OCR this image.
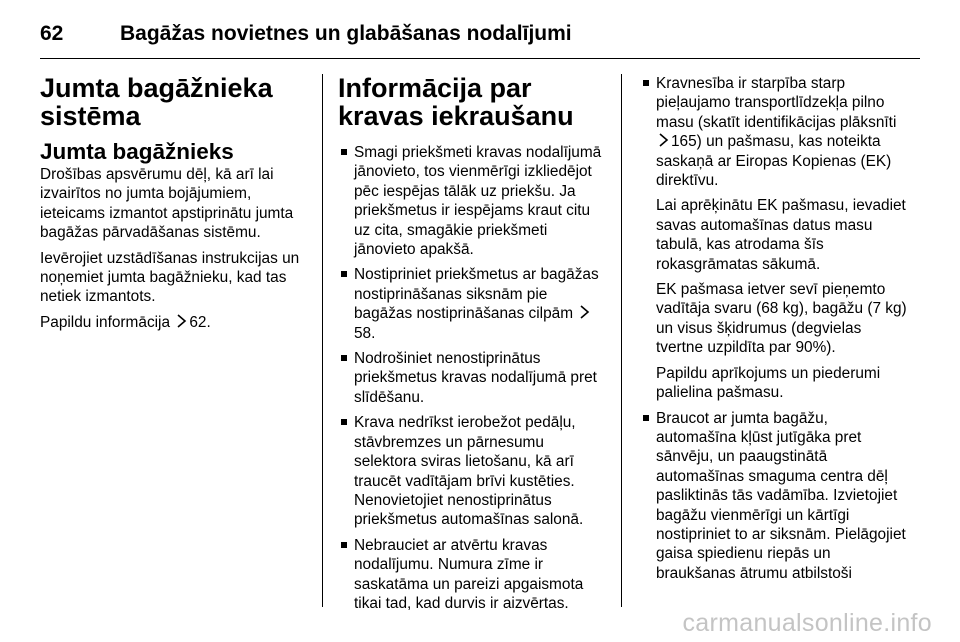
62	Bagāžas novietnes un glabāšanas nodalījumi
Jumta bagāžnieka sistēma
Jumta bagāžnieks

Drošības apsvērumu dēļ, kā arī lai izvairītos no jumta bojājumiem, ieteicams izmantot apstiprinātu jumta bagāžas pārvadāšanas sistēmu.

Ievērojiet uzstādīšanas instrukcijas un noņemiet jumta bagāžnieku, kad tas netiek izmantots.

Papildu informācija 62.

Informācija par kravas iekraušanu

Smagi priekšmeti kravas nodalījumā jānovieto, tos vienmērīgi izkliedējot pēc iespējas tālāk uz priekšu. Ja priekšmetus ir iespējams kraut citu uz cita, smagākie priekšmeti jānovieto apakšā.

Nostipriniet priekšmetus ar bagāžas nostiprināšanas siksnām pie bagāžas nostiprināšanas cilpām 58.

Nodrošiniet nenostiprinātus priekšmetus kravas nodalījumā pret slīdēšanu.

Krava nedrīkst ierobežot pedāļu, stāvbremzes un pārnesumu selektora sviras lietošanu, kā arī traucēt vadītājam brīvi kustēties. Nenovietojiet nenostiprinātus priekšmetus automašīnas salonā.

Nebrauciet ar atvērtu kravas nodalījumu. Numura zīme ir saskatāma un pareizi apgaismota tikai tad, kad durvis ir aizvērtas.

Kravnesība ir starpība starp pieļaujamo transportlīdzekļa pilno masu (skatīt identifikācijas plāksnīti 165) un pašmasu, kas noteikta saskaņā ar Eiropas Kopienas (EK) direktīvu.

Lai aprēķinātu EK pašmasu, ievadiet savas automašīnas datus masu tabulā, kas atrodama šīs rokasgrāmatas sākumā.

EK pašmasa ietver sevī pieņemto vadītāja svaru (68 kg), bagāžu (7 kg) un visus šķidrumus (degvielas tvertne uzpildīta par 90%).

Papildu aprīkojums un piederumi palielina pašmasu.

Braucot ar jumta bagāžu, automašīna kļūst jutīgāka pret sānvēju, un paaugstinātā automašīnas smaguma centra dēļ pasliktinās tās vadāmība. Izvietojiet bagāžu vienmērīgi un kārtīgi nostipriniet to ar siksnām. Pielāgojiet gaisa spiedienu riepās un braukšanas ātrumu atbilstoši

carmanualsonline.info
